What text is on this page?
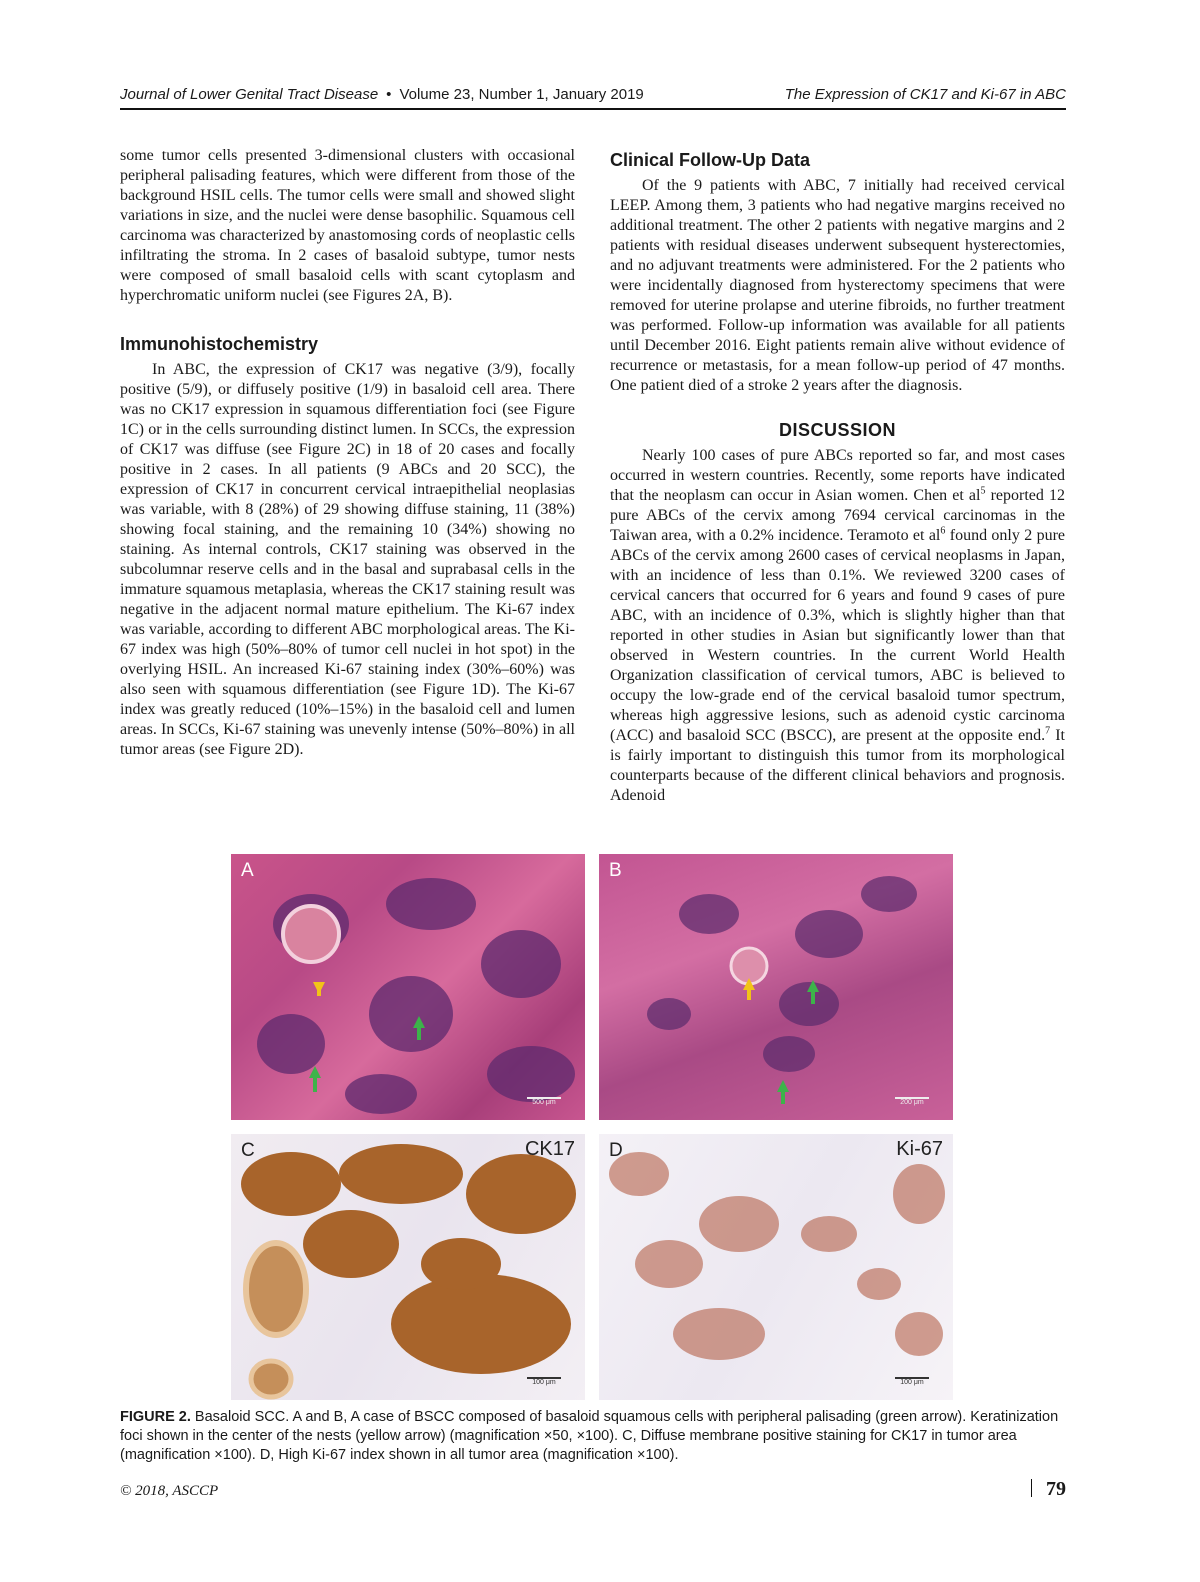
Journal of Lower Genital Tract Disease • Volume 23, Number 1, January 2019	The Expression of CK17 and Ki-67 in ABC

some tumor cells presented 3-dimensional clusters with occasional peripheral palisading features, which were different from those of the background HSIL cells. The tumor cells were small and showed slight variations in size, and the nuclei were dense basophilic. Squamous cell carcinoma was characterized by anastomosing cords of neoplastic cells infiltrating the stroma. In 2 cases of basaloid subtype, tumor nests were composed of small basaloid cells with scant cytoplasm and hyperchromatic uniform nuclei (see Figures 2A, B).

Immunohistochemistry

In ABC, the expression of CK17 was negative (3/9), focally positive (5/9), or diffusely positive (1/9) in basaloid cell area. There was no CK17 expression in squamous differentiation foci (see Figure 1C) or in the cells surrounding distinct lumen. In SCCs, the expression of CK17 was diffuse (see Figure 2C) in 18 of 20 cases and focally positive in 2 cases. In all patients (9 ABCs and 20 SCC), the expression of CK17 in concurrent cervical intraepithelial neoplasias was variable, with 8 (28%) of 29 showing diffuse staining, 11 (38%) showing focal staining, and the remaining 10 (34%) showing no staining. As internal controls, CK17 staining was observed in the subcolumnar reserve cells and in the basal and suprabasal cells in the immature squamous metaplasia, whereas the CK17 staining result was negative in the adjacent normal mature epithelium. The Ki-67 index was variable, according to different ABC morphological areas. The Ki-67 index was high (50%–80% of tumor cell nuclei in hot spot) in the overlying HSIL. An increased Ki-67 staining index (30%–60%) was also seen with squamous differentiation (see Figure 1D). The Ki-67 index was greatly reduced (10%–15%) in the basaloid cell and lumen areas. In SCCs, Ki-67 staining was unevenly intense (50%–80%) in all tumor areas (see Figure 2D).

Clinical Follow-Up Data

Of the 9 patients with ABC, 7 initially had received cervical LEEP. Among them, 3 patients who had negative margins received no additional treatment. The other 2 patients with negative margins and 2 patients with residual diseases underwent subsequent hysterectomies, and no adjuvant treatments were administered. For the 2 patients who were incidentally diagnosed from hysterectomy specimens that were removed for uterine prolapse and uterine fibroids, no further treatment was performed. Follow-up information was available for all patients until December 2016. Eight patients remain alive without evidence of recurrence or metastasis, for a mean follow-up period of 47 months. One patient died of a stroke 2 years after the diagnosis.

DISCUSSION

Nearly 100 cases of pure ABCs reported so far, and most cases occurred in western countries. Recently, some reports have indicated that the neoplasm can occur in Asian women. Chen et $al^5$ reported 12 pure ABCs of the cervix among 7694 cervical carcinomas in the Taiwan area, with a 0.2% incidence. Teramoto et $al^6$ found only 2 pure ABCs of the cervix among 2600 cases of cervical neoplasms in Japan, with an incidence of less than 0.1%. We reviewed 3200 cases of cervical cancers that occurred for 6 years and found 9 cases of pure ABC, with an incidence of 0.3%, which is slightly higher than that reported in other studies in Asian but significantly lower than that observed in Western countries. In the current World Health Organization classification of cervical tumors, ABC is believed to occupy the low-grade end of the cervical basaloid tumor spectrum, whereas high aggressive lesions, such as adenoid cystic carcinoma (ACC) and basaloid SCC (BSCC), are present at the opposite end.$^7$ It is fairly important to distinguish this tumor from its morphological counterparts because of the different clinical behaviors and prognosis. Adenoid

A
500 μm
B
200 μm
C	CK17
100 μm
D	Ki-67
100 μm
FIGURE 2. Basaloid SCC. A and B, A case of BSCC composed of basaloid squamous cells with peripheral palisading (green arrow). Keratinization foci shown in the center of the nests (yellow arrow) (magnification ×50, ×100). C, Diffuse membrane positive staining for CK17 in tumor area (magnification ×100). D, High Ki-67 index shown in all tumor area (magnification ×100).
© 2018, ASCCP	79
